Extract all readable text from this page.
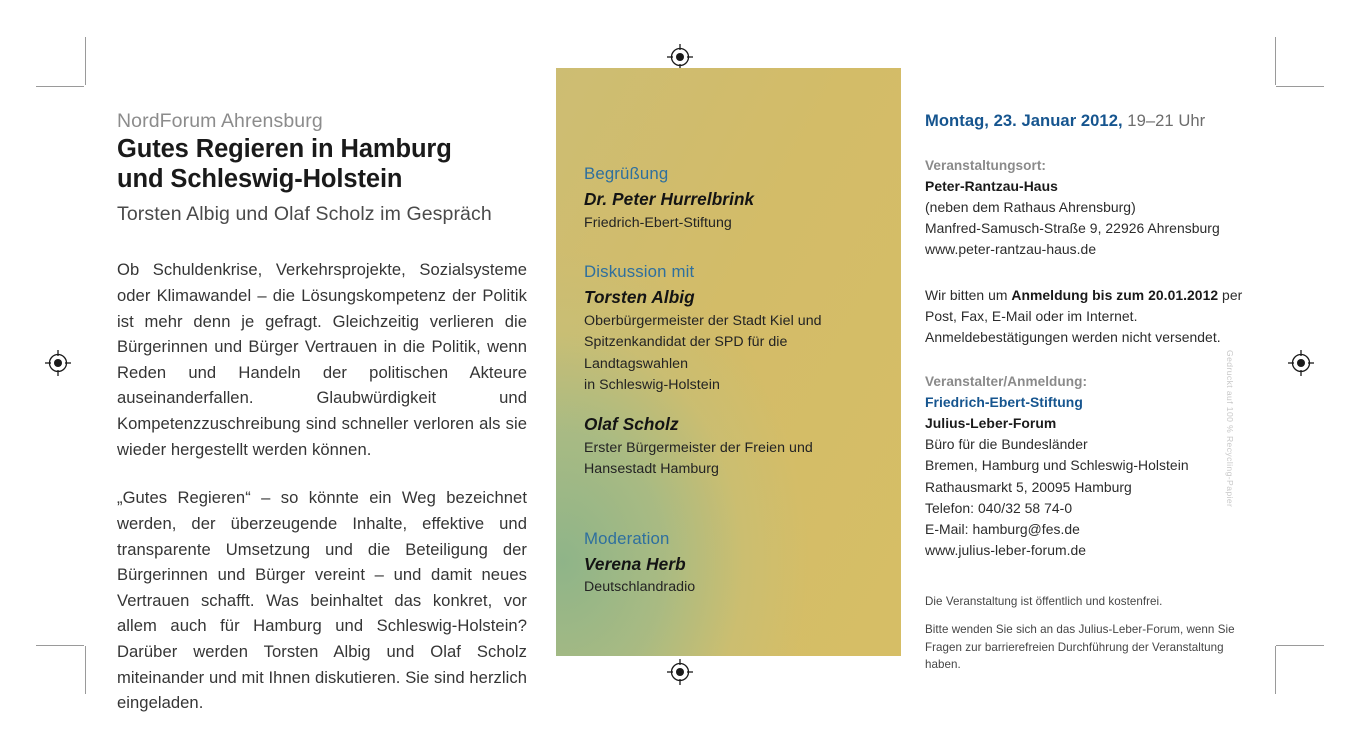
NordForum Ahrensburg
Gutes Regieren in Hamburg
und Schleswig-Holstein
Torsten Albig und Olaf Scholz im Gespräch

Ob Schuldenkrise, Verkehrsprojekte, Sozialsysteme oder Klimawandel – die Lösungskompetenz der Politik ist mehr denn je gefragt. Gleichzeitig verlieren die Bürgerinnen und Bürger Vertrauen in die Politik, wenn Reden und Handeln der politischen Akteure auseinanderfallen. Glaubwürdigkeit und Kompetenzzuschreibung sind schneller verloren als sie wieder hergestellt werden können.

„Gutes Regieren“ – so könnte ein Weg bezeichnet werden, der überzeugende Inhalte, effektive und transparente Umsetzung und die Beteiligung der Bürgerinnen und Bürger vereint – und damit neues Vertrauen schafft. Was beinhaltet das konkret, vor allem auch für Hamburg und Schleswig-Holstein? Darüber werden Torsten Albig und Olaf Scholz miteinander und mit Ihnen diskutieren. Sie sind herzlich eingeladen.

Begrüßung
Dr. Peter Hurrelbrink
Friedrich-Ebert-Stiftung
Diskussion mit
Torsten Albig
Oberbürgermeister der Stadt Kiel und
Spitzenkandidat der SPD für die Landtagswahlen
in Schleswig-Holstein
Olaf Scholz
Erster Bürgermeister der Freien und
Hansestadt Hamburg
Moderation
Verena Herb
Deutschlandradio
Montag, 23. Januar 2012, 19–21 Uhr
Veranstaltungsort:
Peter-Rantzau-Haus
(neben dem Rathaus Ahrensburg)
Manfred-Samusch-Straße 9, 22926 Ahrensburg
www.peter-rantzau-haus.de

Wir bitten um Anmeldung bis zum 20.01.2012 per Post, Fax, E-Mail oder im Internet. Anmeldebestätigungen werden nicht versendet.

Veranstalter/Anmeldung:
Friedrich-Ebert-Stiftung
Julius-Leber-Forum
Büro für die Bundesländer
Bremen, Hamburg und Schleswig-Holstein
Rathausmarkt 5, 20095 Hamburg
Telefon: 040/32 58 74-0
E-Mail: hamburg@fes.de
www.julius-leber-forum.de

Die Veranstaltung ist öffentlich und kostenfrei.

Bitte wenden Sie sich an das Julius-Leber-Forum, wenn Sie Fragen zur barrierefreien Durchführung der Veranstaltung haben.

Gedruckt auf 100 % Recycling-Papier
